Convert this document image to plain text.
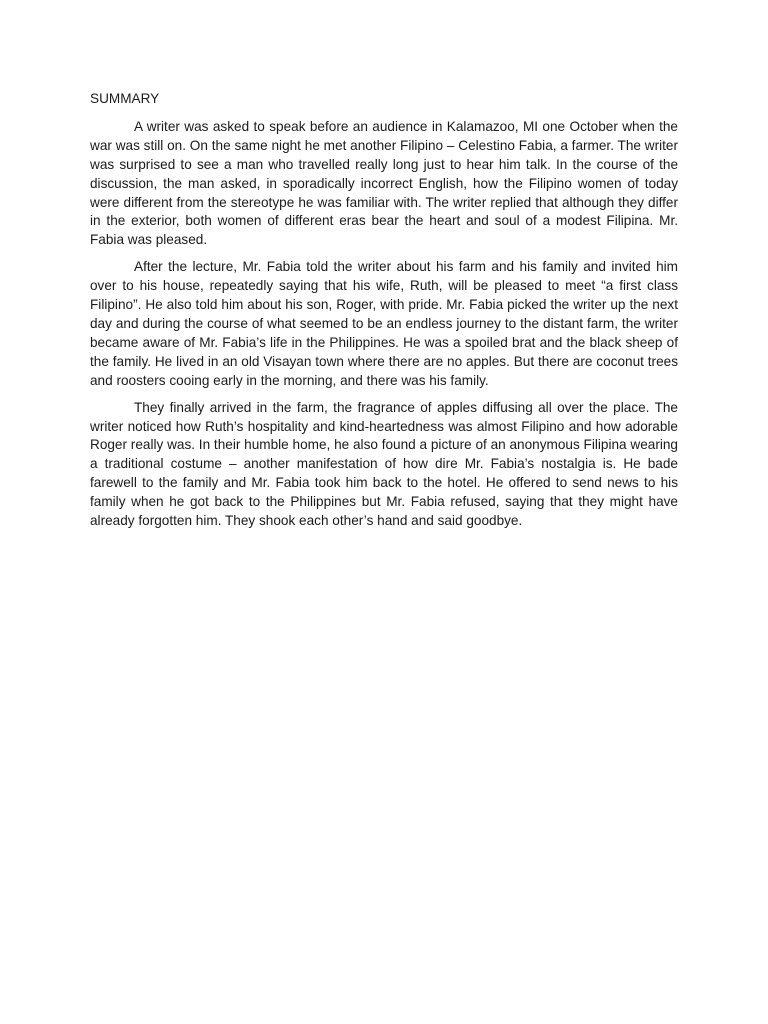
SUMMARY

A writer was asked to speak before an audience in Kalamazoo, MI one October when the war was still on. On the same night he met another Filipino – Celestino Fabia, a farmer. The writer was surprised to see a man who travelled really long just to hear him talk. In the course of the discussion, the man asked, in sporadically incorrect English, how the Filipino women of today were different from the stereotype he was familiar with. The writer replied that although they differ in the exterior, both women of different eras bear the heart and soul of a modest Filipina. Mr. Fabia was pleased.

After the lecture, Mr. Fabia told the writer about his farm and his family and invited him over to his house, repeatedly saying that his wife, Ruth, will be pleased to meet “a first class Filipino”. He also told him about his son, Roger, with pride. Mr. Fabia picked the writer up the next day and during the course of what seemed to be an endless journey to the distant farm, the writer became aware of Mr. Fabia’s life in the Philippines. He was a spoiled brat and the black sheep of the family. He lived in an old Visayan town where there are no apples. But there are coconut trees and roosters cooing early in the morning, and there was his family.

They finally arrived in the farm, the fragrance of apples diffusing all over the place. The writer noticed how Ruth’s hospitality and kind-heartedness was almost Filipino and how adorable Roger really was. In their humble home, he also found a picture of an anonymous Filipina wearing a traditional costume – another manifestation of how dire Mr. Fabia’s nostalgia is. He bade farewell to the family and Mr. Fabia took him back to the hotel. He offered to send news to his family when he got back to the Philippines but Mr. Fabia refused, saying that they might have already forgotten him. They shook each other’s hand and said goodbye.
